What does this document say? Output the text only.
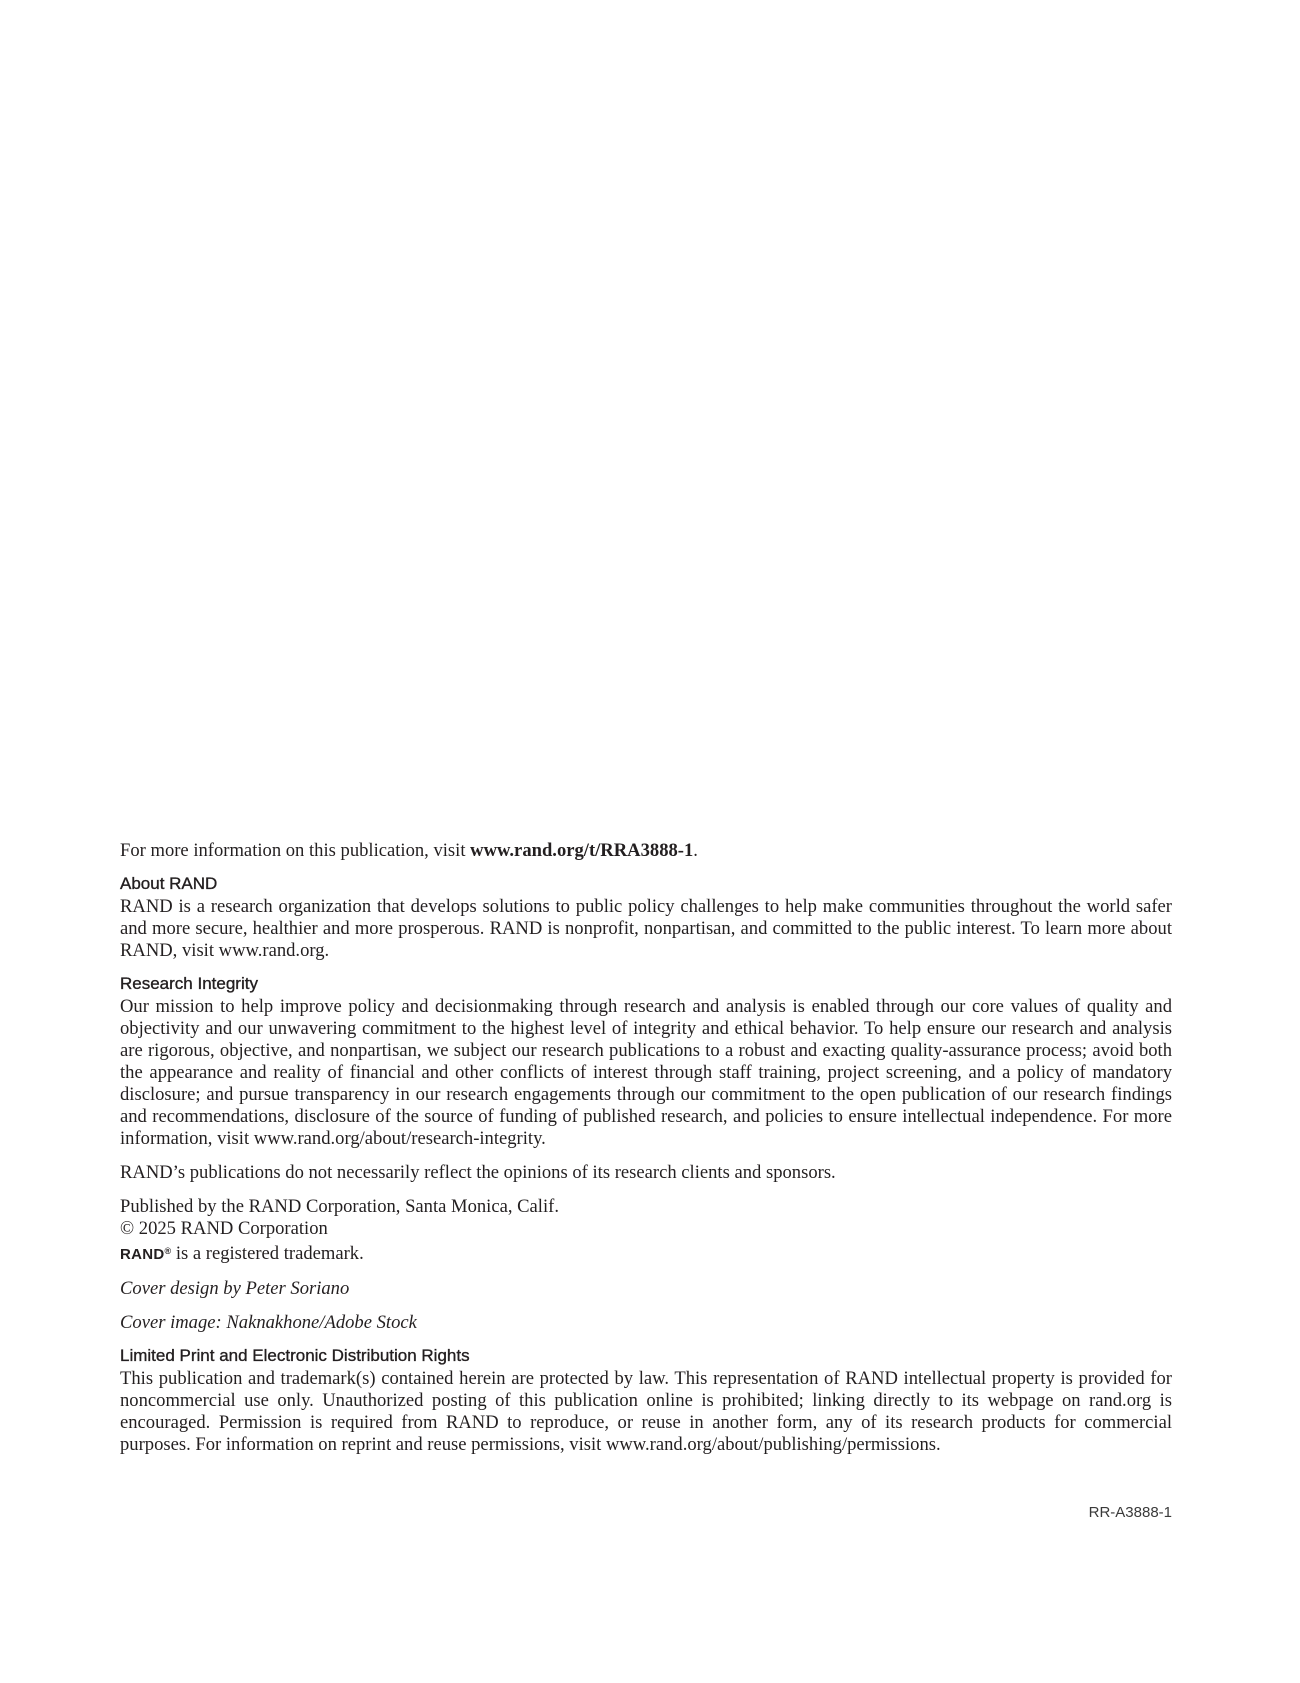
For more information on this publication, visit www.rand.org/t/RRA3888-1.

About RAND

RAND is a research organization that develops solutions to public policy challenges to help make communities throughout the world safer and more secure, healthier and more prosperous. RAND is nonprofit, nonpartisan, and committed to the public interest. To learn more about RAND, visit www.rand.org.

Research Integrity

Our mission to help improve policy and decisionmaking through research and analysis is enabled through our core values of quality and objectivity and our unwavering commitment to the highest level of integrity and ethical behavior. To help ensure our research and analysis are rigorous, objective, and nonpartisan, we subject our research publications to a robust and exacting quality-assurance process; avoid both the appearance and reality of financial and other conflicts of interest through staff training, project screening, and a policy of mandatory disclosure; and pursue transparency in our research engagements through our commitment to the open publication of our research findings and recommendations, disclosure of the source of funding of published research, and policies to ensure intellectual independence. For more information, visit www.rand.org/about/research-integrity.

RAND’s publications do not necessarily reflect the opinions of its research clients and sponsors.

Published by the RAND Corporation, Santa Monica, Calif.

© 2025 RAND Corporation

RAND® is a registered trademark.

Cover design by Peter Soriano

Cover image: Naknakhone/Adobe Stock

Limited Print and Electronic Distribution Rights

This publication and trademark(s) contained herein are protected by law. This representation of RAND intellectual property is provided for noncommercial use only. Unauthorized posting of this publication online is prohibited; linking directly to its webpage on rand.org is encouraged. Permission is required from RAND to reproduce, or reuse in another form, any of its research products for commercial purposes. For information on reprint and reuse permissions, visit www.rand.org/about/publishing/permissions.

RR-A3888-1
